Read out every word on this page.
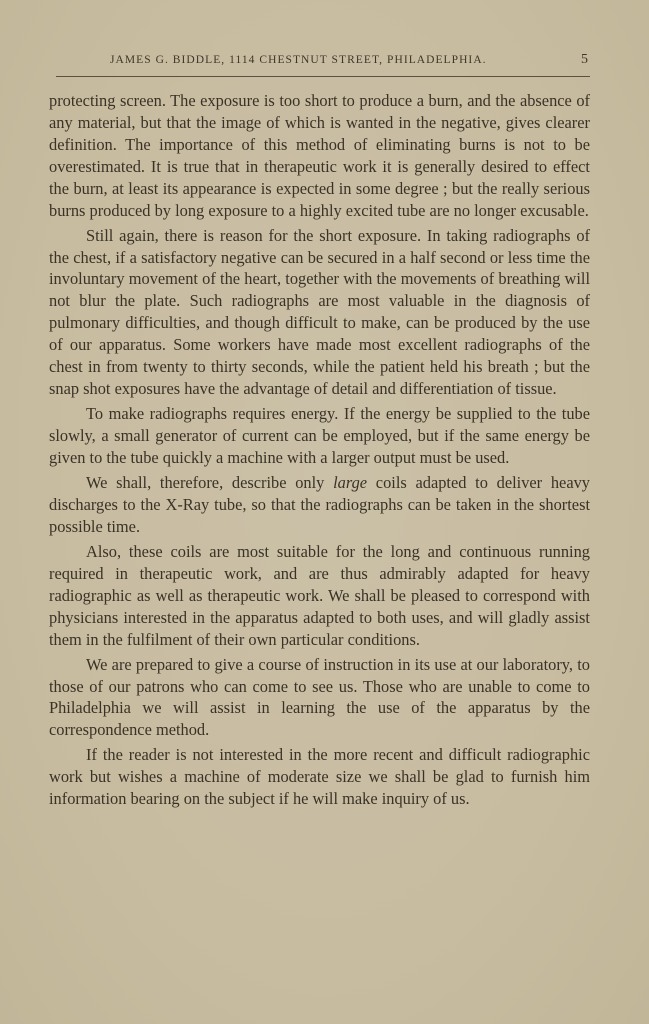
JAMES G. BIDDLE, 1114 CHESTNUT STREET, PHILADELPHIA.	5

protecting screen. The exposure is too short to produce a burn, and the absence of any material, but that the image of which is wanted in the negative, gives clearer definition. The importance of this method of eliminating burns is not to be overestimated. It is true that in therapeutic work it is generally desired to effect the burn, at least its appearance is expected in some degree ; but the really serious burns produced by long exposure to a highly excited tube are no longer excusable.

Still again, there is reason for the short exposure. In taking radiographs of the chest, if a satisfactory negative can be secured in a half second or less time the involuntary movement of the heart, together with the movements of breathing will not blur the plate. Such radiographs are most valuable in the diagnosis of pulmonary difficulties, and though difficult to make, can be produced by the use of our apparatus. Some workers have made most excellent radiographs of the chest in from twenty to thirty seconds, while the patient held his breath ; but the snap shot exposures have the advantage of detail and differentiation of tissue.

To make radiographs requires energy. If the energy be supplied to the tube slowly, a small generator of current can be employed, but if the same energy be given to the tube quickly a machine with a larger output must be used.

We shall, therefore, describe only large coils adapted to deliver heavy discharges to the X-Ray tube, so that the radiographs can be taken in the shortest possible time.

Also, these coils are most suitable for the long and continuous running required in therapeutic work, and are thus admirably adapted for heavy radiographic as well as therapeutic work. We shall be pleased to correspond with physicians interested in the apparatus adapted to both uses, and will gladly assist them in the fulfilment of their own particular conditions.

We are prepared to give a course of instruction in its use at our laboratory, to those of our patrons who can come to see us. Those who are unable to come to Philadelphia we will assist in learning the use of the apparatus by the correspondence method.

If the reader is not interested in the more recent and difficult radiographic work but wishes a machine of moderate size we shall be glad to furnish him information bearing on the subject if he will make inquiry of us.
